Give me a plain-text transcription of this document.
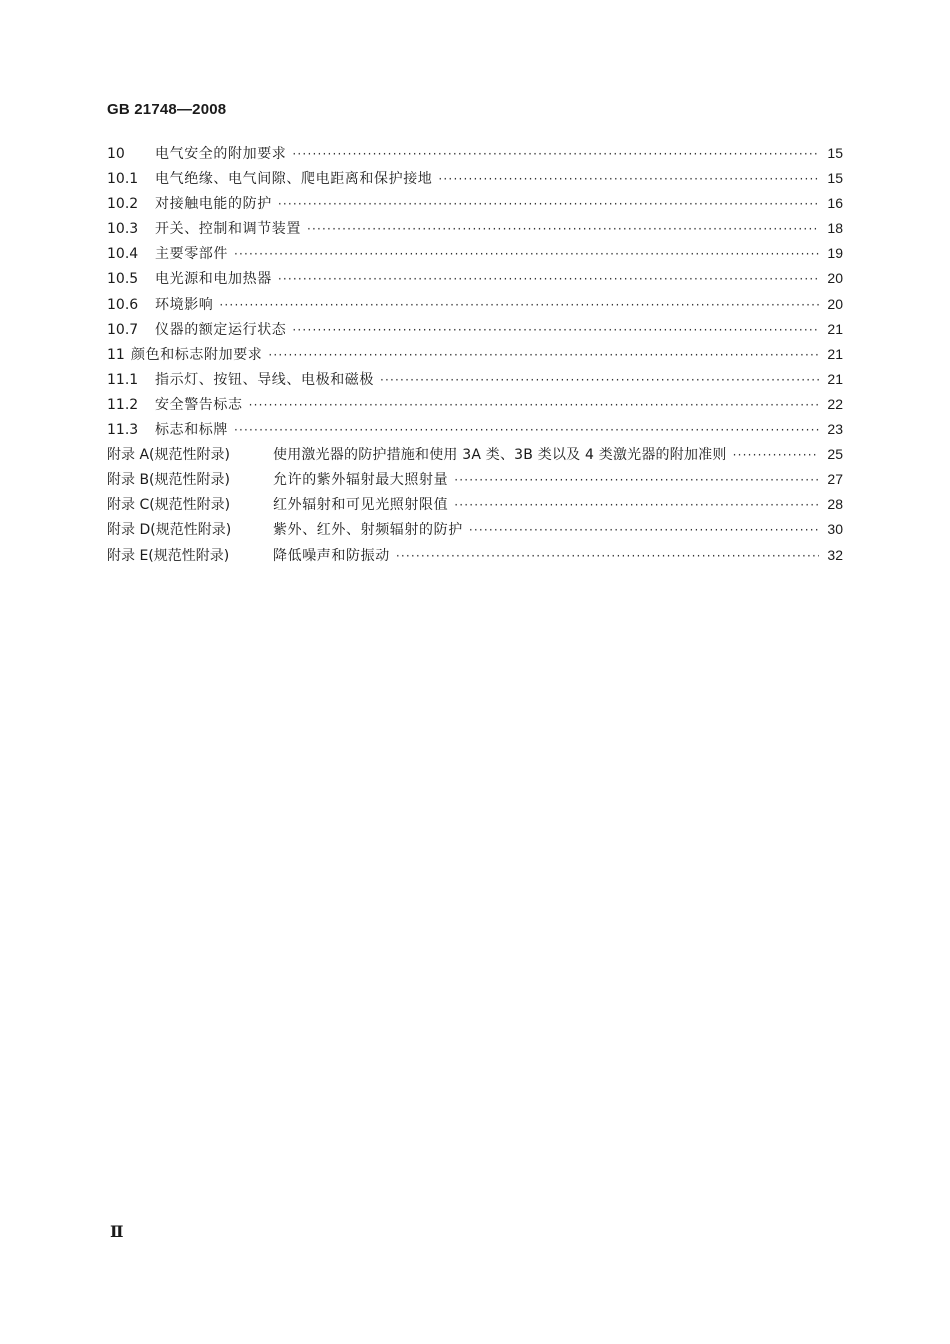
GB 21748—2008
10	电气安全的附加要求 ·····	15
10.1	电气绝缘、电气间隙、爬电距离和保护接地 ·····	15
10.2	对接触电能的防护 ·····	16
10.3	开关、控制和调节装置 ·····	18
10.4	主要零部件 ·····	19
10.5	电光源和电加热器 ·····	20
10.6	环境影响 ·····	20
10.7	仪器的额定运行状态 ·····	21
11 颜色和标志附加要求 ·····	21
11.1	指示灯、按钮、导线、电极和磁极 ·····	21
11.2	安全警告标志 ·····	22
11.3	标志和标牌 ·····	23
附录 A(规范性附录)	使用激光器的防护措施和使用 3A 类、3B 类以及 4 类激光器的附加准则 ·····	25
附录 B(规范性附录)	允许的紫外辐射最大照射量 ·····	27
附录 C(规范性附录)	红外辐射和可见光照射限值 ·····	28
附录 D(规范性附录)	紫外、红外、射频辐射的防护 ·····	30
附录 E(规范性附录)	降低噪声和防振动 ·····	32
Ⅱ
